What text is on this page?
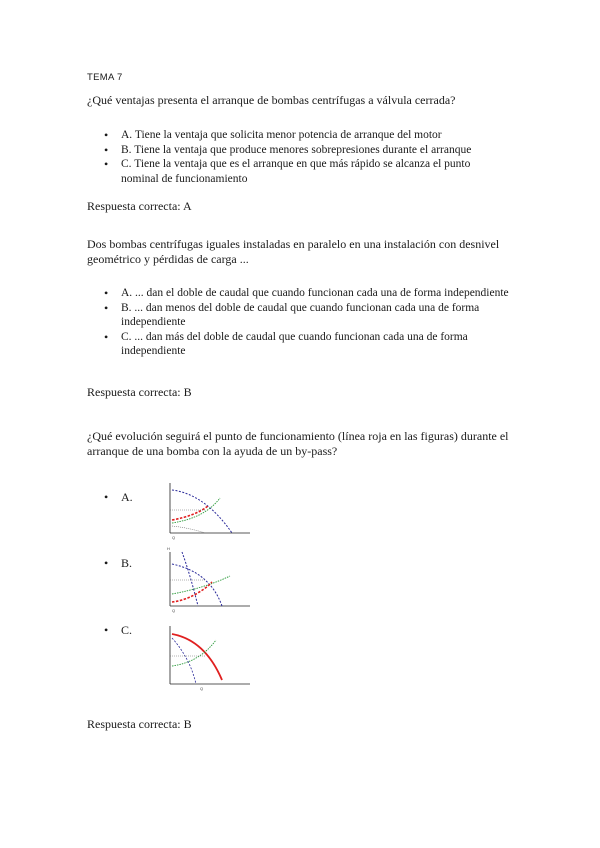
TEMA 7
¿Qué ventajas presenta el arranque de bombas centrífugas a válvula cerrada?
• A. Tiene la ventaja que solicita menor potencia de arranque del motor
• B. Tiene la ventaja que produce menores sobrepresiones durante el arranque
• C. Tiene la ventaja que es el arranque en que más rápido se alcanza el punto nominal de funcionamiento
Respuesta correcta: A
Dos bombas centrífugas iguales instaladas en paralelo en una instalación con desnivel geométrico y pérdidas de carga ...
• A. ... dan el doble de caudal que cuando funcionan cada una de forma independiente
• B. ... dan menos del doble de caudal que cuando funcionan cada una de forma independiente
• C. ... dan más del doble de caudal que cuando funcionan cada una de forma independiente
Respuesta correcta: B
¿Qué evolución seguirá el punto de funcionamiento (línea roja en las figuras) durante el arranque de una bomba con la ayuda de un by-pass?
• A.
Q
• B.
H
Q
• C.
Q
Respuesta correcta: B
